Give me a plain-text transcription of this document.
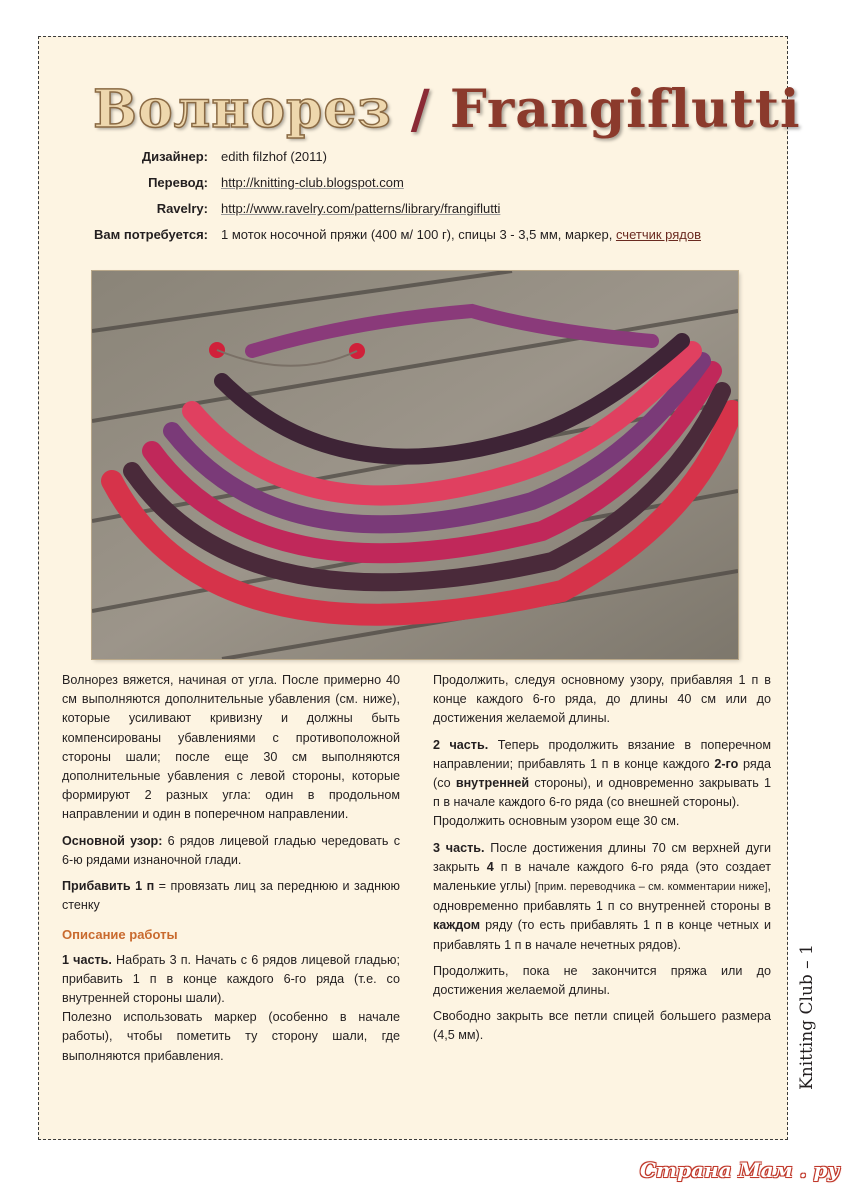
Волнорез / Frangiflutti
Дизайнер: edith filzhof (2011)
Перевод: http://knitting-club.blogspot.com
Ravelry: http://www.ravelry.com/patterns/library/frangiflutti
Вам потребуется: 1 моток носочной пряжи (400 м/ 100 г), спицы 3 - 3,5 мм, маркер, счетчик рядов

Волнорез вяжется, начиная от угла. После примерно 40 см выполняются дополнительные убавления (см. ниже), которые усиливают кривизну и должны быть компенсированы убавлениями с противоположной стороны шали; после еще 30 см выполняются дополнительные убавления с левой стороны, которые формируют 2 разных угла: один в продольном направлении и один в поперечном направлении.

Основной узор: 6 рядов лицевой гладью чередовать с 6-ю рядами изнаночной глади.

Прибавить 1 п = провязать лиц за переднюю и заднюю стенку

Описание работы

1 часть. Набрать 3 п. Начать с 6 рядов лицевой гладью; прибавить 1 п в конце каждого 6-го ряда (т.е. со внутренней стороны шали).

Полезно использовать маркер (особенно в начале работы), чтобы пометить ту сторону шали, где выполняются прибавления.

Продолжить, следуя основному узору, прибавляя 1 п в конце каждого 6-го ряда, до длины 40 см или до достижения желаемой длины.

2 часть. Теперь продолжить вязание в поперечном направлении; прибавлять 1 п в конце каждого 2-го ряда (со внутренней стороны), и одновременно закрывать 1 п в начале каждого 6-го ряда (со внешней стороны).

Продолжить основным узором еще 30 см.

3 часть. После достижения длины 70 см верхней дуги закрыть 4 п в начале каждого 6-го ряда (это создает маленькие углы) [прим. переводчика – см. комментарии ниже], одновременно прибавлять 1 п со внутренней стороны в каждом ряду (то есть прибавлять 1 п в конце четных и прибавлять 1 п в начале нечетных рядов).

Продолжить, пока не закончится пряжа или до достижения желаемой длины.

Свободно закрыть все петли спицей большего размера (4,5 мм).	Knitting Club – 1
Страна Мам . ру
